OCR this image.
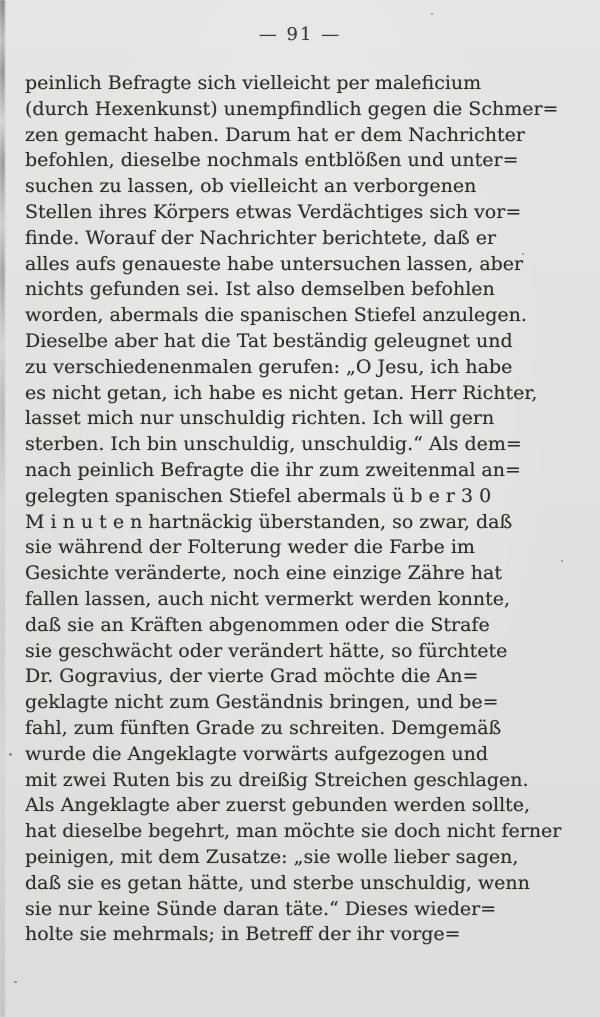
— 91 —
peinlich Befragte sich vielleicht per maleficium
(durch Hexenkunst) unempfindlich gegen die Schmer=
zen gemacht haben. Darum hat er dem Nachrichter
befohlen, dieselbe nochmals entblößen und unter=
suchen zu lassen, ob vielleicht an verborgenen
Stellen ihres Körpers etwas Verdächtiges sich vor=
finde. Worauf der Nachrichter berichtete, daß er
alles aufs genaueste habe untersuchen lassen, aber
nichts gefunden sei. Ist also demselben befohlen
worden, abermals die spanischen Stiefel anzulegen.
Dieselbe aber hat die Tat beständig geleugnet und
zu verschiedenenmalen gerufen: „O Jesu, ich habe
es nicht getan, ich habe es nicht getan. Herr Richter,
lasset mich nur unschuldig richten. Ich will gern
sterben. Ich bin unschuldig, unschuldig.“ Als dem=
nach peinlich Befragte die ihr zum zweitenmal an=
gelegten spanischen Stiefel abermals ü b e r 3 0
M i n u t e n hartnäckig überstanden, so zwar, daß
sie während der Folterung weder die Farbe im
Gesichte veränderte, noch eine einzige Zähre hat
fallen lassen, auch nicht vermerkt werden konnte,
daß sie an Kräften abgenommen oder die Strafe
sie geschwächt oder verändert hätte, so fürchtete
Dr. Gogravius, der vierte Grad möchte die An=
geklagte nicht zum Geständnis bringen, und be=
fahl, zum fünften Grade zu schreiten. Demgemäß
wurde die Angeklagte vorwärts aufgezogen und
mit zwei Ruten bis zu dreißig Streichen geschlagen.
Als Angeklagte aber zuerst gebunden werden sollte,
hat dieselbe begehrt, man möchte sie doch nicht ferner
peinigen, mit dem Zusatze: „sie wolle lieber sagen,
daß sie es getan hätte, und sterbe unschuldig, wenn
sie nur keine Sünde daran täte.“ Dieses wieder=
holte sie mehrmals; in Betreff der ihr vorge=
